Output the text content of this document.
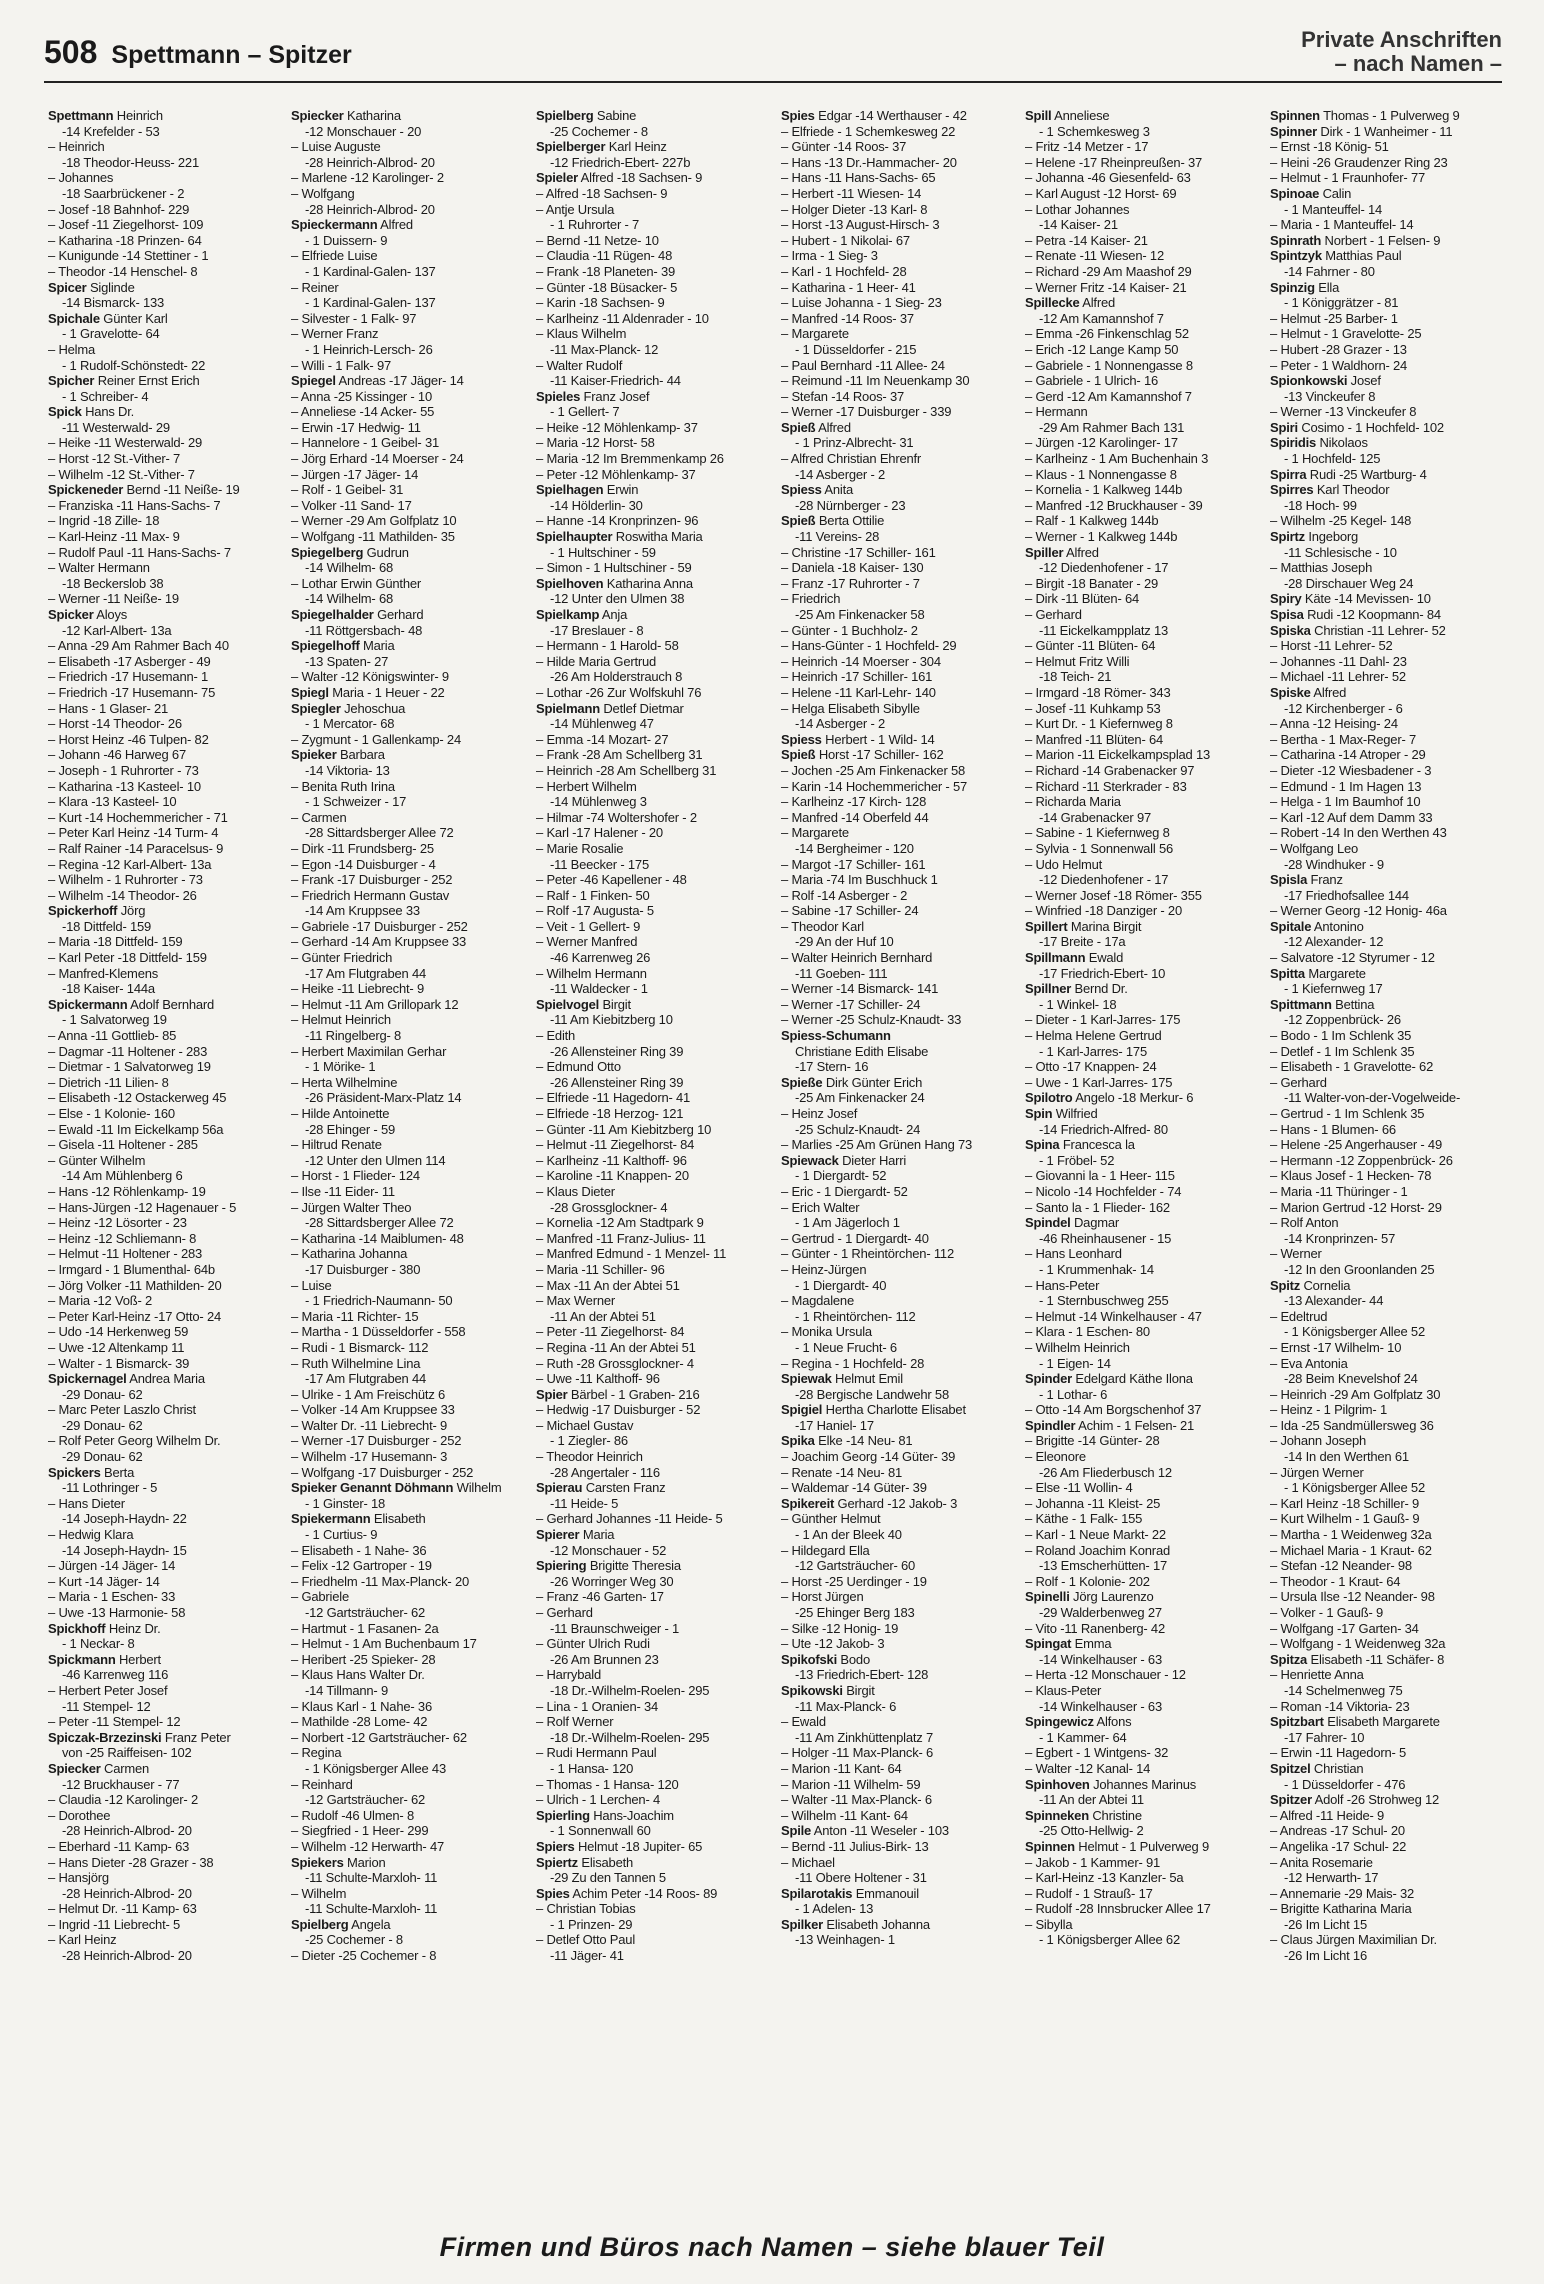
508 Spettmann – Spitzer
Private Anschriften
– nach Namen –
Spettmann Heinrich
-14 Krefelder - 53
– Heinrich
-18 Theodor-Heuss- 221
– Johannes
-18 Saarbrückener - 2
– Josef -18 Bahnhof- 229
– Josef -11 Ziegelhorst- 109
– Katharina -18 Prinzen- 64
– Kunigunde -14 Stettiner - 1
– Theodor -14 Henschel- 8
Spicer Siglinde
-14 Bismarck- 133
Spichale Günter Karl
- 1 Gravelotte- 64
– Helma
- 1 Rudolf-Schönstedt- 22
Spicher Reiner Ernst Erich
- 1 Schreiber- 4
Spick Hans Dr.
-11 Westerwald- 29
– Heike -11 Westerwald- 29
– Horst -12 St.-Vither- 7
– Wilhelm -12 St.-Vither- 7
Spickeneder Bernd -11 Neiße- 19
– Franziska -11 Hans-Sachs- 7
– Ingrid -18 Zille- 18
– Karl-Heinz -11 Max- 9
– Rudolf Paul -11 Hans-Sachs- 7
– Walter Hermann
-18 Beckerslob 38
– Werner -11 Neiße- 19
Spicker Aloys
-12 Karl-Albert- 13a
– Anna -29 Am Rahmer Bach 40
– Elisabeth -17 Asberger - 49
– Friedrich -17 Husemann- 1
– Friedrich -17 Husemann- 75
– Hans - 1 Glaser- 21
– Horst -14 Theodor- 26
– Horst Heinz -46 Tulpen- 82
– Johann -46 Harweg 67
– Joseph - 1 Ruhrorter - 73
– Katharina -13 Kasteel- 10
– Klara -13 Kasteel- 10
– Kurt -14 Hochemmericher - 71
– Peter Karl Heinz -14 Turm- 4
– Ralf Rainer -14 Paracelsus- 9
– Regina -12 Karl-Albert- 13a
– Wilhelm - 1 Ruhrorter - 73
– Wilhelm -14 Theodor- 26
Spickerhoff Jörg
-18 Dittfeld- 159
– Maria -18 Dittfeld- 159
– Karl Peter -18 Dittfeld- 159
– Manfred-Klemens
-18 Kaiser- 144a
Spickermann Adolf Bernhard
- 1 Salvatorweg 19
– Anna -11 Gottlieb- 85
– Dagmar -11 Holtener - 283
– Dietmar - 1 Salvatorweg 19
– Dietrich -11 Lilien- 8
– Elisabeth -12 Ostackerweg 45
– Else - 1 Kolonie- 160
– Ewald -11 Im Eickelkamp 56a
– Gisela -11 Holtener - 285
– Günter Wilhelm
-14 Am Mühlenberg 6
– Hans -12 Röhlenkamp- 19
– Hans-Jürgen -12 Hagenauer - 5
– Heinz -12 Lösorter - 23
– Heinz -12 Schliemann- 8
– Helmut -11 Holtener - 283
– Irmgard - 1 Blumenthal- 64b
– Jörg Volker -11 Mathilden- 20
– Maria -12 Voß- 2
– Peter Karl-Heinz -17 Otto- 24
– Udo -14 Herkenweg 59
– Uwe -12 Altenkamp 11
– Walter - 1 Bismarck- 39
Spickernagel Andrea Maria
-29 Donau- 62
– Marc Peter Laszlo Christ
-29 Donau- 62
– Rolf Peter Georg Wilhelm Dr.
-29 Donau- 62
Spickers Berta
-11 Lothringer - 5
– Hans Dieter
-14 Joseph-Haydn- 22
– Hedwig Klara
-14 Joseph-Haydn- 15
– Jürgen -14 Jäger- 14
– Kurt -14 Jäger- 14
– Maria - 1 Eschen- 33
– Uwe -13 Harmonie- 58
Spickhoff Heinz Dr.
- 1 Neckar- 8
Spickmann Herbert
-46 Karrenweg 116
– Herbert Peter Josef
-11 Stempel- 12
– Peter -11 Stempel- 12
Spiczak-Brzezinski Franz Peter
von -25 Raiffeisen- 102
Spiecker Carmen
-12 Bruckhauser - 77
– Claudia -12 Karolinger- 2
– Dorothee
-28 Heinrich-Albrod- 20
– Eberhard -11 Kamp- 63
– Hans Dieter -28 Grazer - 38
– Hansjörg
-28 Heinrich-Albrod- 20
– Helmut Dr. -11 Kamp- 63
– Ingrid -11 Liebrecht- 5
– Karl Heinz
-28 Heinrich-Albrod- 20
Spiecker Katharina
-12 Monschauer - 20
– Luise Auguste
-28 Heinrich-Albrod- 20
– Marlene -12 Karolinger- 2
– Wolfgang
-28 Heinrich-Albrod- 20
Spieckermann Alfred
- 1 Duissern- 9
– Elfriede Luise
- 1 Kardinal-Galen- 137
– Reiner
- 1 Kardinal-Galen- 137
– Silvester - 1 Falk- 97
– Werner Franz
- 1 Heinrich-Lersch- 26
– Willi - 1 Falk- 97
Spiegel Andreas -17 Jäger- 14
– Anna -25 Kissinger - 10
– Anneliese -14 Acker- 55
– Erwin -17 Hedwig- 11
– Hannelore - 1 Geibel- 31
– Jörg Erhard -14 Moerser - 24
– Jürgen -17 Jäger- 14
– Rolf - 1 Geibel- 31
– Volker -11 Sand- 17
– Werner -29 Am Golfplatz 10
– Wolfgang -11 Mathilden- 35
Spiegelberg Gudrun
-14 Wilhelm- 68
– Lothar Erwin Günther
-14 Wilhelm- 68
Spiegelhalder Gerhard
-11 Röttgersbach- 48
Spiegelhoff Maria
-13 Spaten- 27
– Walter -12 Königswinter- 9
Spiegl Maria - 1 Heuer - 22
Spiegler Jehoschua
- 1 Mercator- 68
– Zygmunt - 1 Gallenkamp- 24
Spieker Barbara
-14 Viktoria- 13
– Benita Ruth Irina
- 1 Schweizer - 17
– Carmen
-28 Sittardsberger Allee 72
– Dirk -11 Frundsberg- 25
– Egon -14 Duisburger - 4
– Frank -17 Duisburger - 252
– Friedrich Hermann Gustav
-14 Am Kruppsee 33
– Gabriele -17 Duisburger - 252
– Gerhard -14 Am Kruppsee 33
– Günter Friedrich
-17 Am Flutgraben 44
– Heike -11 Liebrecht- 9
– Helmut -11 Am Grillopark 12
– Helmut Heinrich
-11 Ringelberg- 8
– Herbert Maximilan Gerhar
- 1 Mörike- 1
– Herta Wilhelmine
-26 Präsident-Marx-Platz 14
– Hilde Antoinette
-28 Ehinger - 59
– Hiltrud Renate
-12 Unter den Ulmen 114
– Horst - 1 Flieder- 124
– Ilse -11 Eider- 11
– Jürgen Walter Theo
-28 Sittardsberger Allee 72
– Katharina -14 Maiblumen- 48
– Katharina Johanna
-17 Duisburger - 380
– Luise
- 1 Friedrich-Naumann- 50
– Maria -11 Richter- 15
– Martha - 1 Düsseldorfer - 558
– Rudi - 1 Bismarck- 112
– Ruth Wilhelmine Lina
-17 Am Flutgraben 44
– Ulrike - 1 Am Freischütz 6
– Volker -14 Am Kruppsee 33
– Walter Dr. -11 Liebrecht- 9
– Werner -17 Duisburger - 252
– Wilhelm -17 Husemann- 3
– Wolfgang -17 Duisburger - 252
Spieker Genannt Döhmann Wilhelm
- 1 Ginster- 18
Spiekermann Elisabeth
- 1 Curtius- 9
– Elisabeth - 1 Nahe- 36
– Felix -12 Gartroper - 19
– Friedhelm -11 Max-Planck- 20
– Gabriele
-12 Gartsträucher- 62
– Hartmut - 1 Fasanen- 2a
– Helmut - 1 Am Buchenbaum 17
– Heribert -25 Spieker- 28
– Klaus Hans Walter Dr.
-14 Tillmann- 9
– Klaus Karl - 1 Nahe- 36
– Mathilde -28 Lome- 42
– Norbert -12 Gartsträucher- 62
– Regina
- 1 Königsberger Allee 43
– Reinhard
-12 Gartsträucher- 62
– Rudolf -46 Ulmen- 8
– Siegfried - 1 Heer- 299
– Wilhelm -12 Herwarth- 47
Spiekers Marion
-11 Schulte-Marxloh- 11
– Wilhelm
-11 Schulte-Marxloh- 11
Spielberg Angela
-25 Cochemer - 8
– Dieter -25 Cochemer - 8
Spielberg Sabine
-25 Cochemer - 8
Spielberger Karl Heinz
-12 Friedrich-Ebert- 227b
Spieler Alfred -18 Sachsen- 9
– Alfred -18 Sachsen- 9
– Antje Ursula
- 1 Ruhrorter - 7
– Bernd -11 Netze- 10
– Claudia -11 Rügen- 48
– Frank -18 Planeten- 39
– Günter -18 Büsacker- 5
– Karin -18 Sachsen- 9
– Karlheinz -11 Aldenrader - 10
– Klaus Wilhelm
-11 Max-Planck- 12
– Walter Rudolf
-11 Kaiser-Friedrich- 44
Spieles Franz Josef
- 1 Gellert- 7
– Heike -12 Möhlenkamp- 37
– Maria -12 Horst- 58
– Maria -12 Im Bremmenkamp 26
– Peter -12 Möhlenkamp- 37
Spielhagen Erwin
-14 Hölderlin- 30
– Hanne -14 Kronprinzen- 96
Spielhaupter Roswitha Maria
- 1 Hultschiner - 59
– Simon - 1 Hultschiner - 59
Spielhoven Katharina Anna
-12 Unter den Ulmen 38
Spielkamp Anja
-17 Breslauer - 8
– Hermann - 1 Harold- 58
– Hilde Maria Gertrud
-26 Am Holderstrauch 8
– Lothar -26 Zur Wolfskuhl 76
Spielmann Detlef Dietmar
-14 Mühlenweg 47
– Emma -14 Mozart- 27
– Frank -28 Am Schellberg 31
– Heinrich -28 Am Schellberg 31
– Herbert Wilhelm
-14 Mühlenweg 3
– Hilmar -74 Woltershofer - 2
– Karl -17 Halener - 20
– Marie Rosalie
-11 Beecker - 175
– Peter -46 Kapellener - 48
– Ralf - 1 Finken- 50
– Rolf -17 Augusta- 5
– Veit - 1 Gellert- 9
– Werner Manfred
-46 Karrenweg 26
– Wilhelm Hermann
-11 Waldecker - 1
Spielvogel Birgit
-11 Am Kiebitzberg 10
– Edith
-26 Allensteiner Ring 39
– Edmund Otto
-26 Allensteiner Ring 39
– Elfriede -11 Hagedorn- 41
– Elfriede -18 Herzog- 121
– Günter -11 Am Kiebitzberg 10
– Helmut -11 Ziegelhorst- 84
– Karlheinz -11 Kalthoff- 96
– Karoline -11 Knappen- 20
– Klaus Dieter
-28 Grossglockner- 4
– Kornelia -12 Am Stadtpark 9
– Manfred -11 Franz-Julius- 11
– Manfred Edmund - 1 Menzel- 11
– Maria -11 Schiller- 96
– Max -11 An der Abtei 51
– Max Werner
-11 An der Abtei 51
– Peter -11 Ziegelhorst- 84
– Regina -11 An der Abtei 51
– Ruth -28 Grossglockner- 4
– Uwe -11 Kalthoff- 96
Spier Bärbel - 1 Graben- 216
– Hedwig -17 Duisburger - 52
– Michael Gustav
- 1 Ziegler- 86
– Theodor Heinrich
-28 Angertaler - 116
Spierau Carsten Franz
-11 Heide- 5
– Gerhard Johannes -11 Heide- 5
Spierer Maria
-12 Monschauer - 52
Spiering Brigitte Theresia
-26 Worringer Weg 30
– Franz -46 Garten- 17
– Gerhard
-11 Braunschweiger - 1
– Günter Ulrich Rudi
-26 Am Brunnen 23
– Harrybald
-18 Dr.-Wilhelm-Roelen- 295
– Lina - 1 Oranien- 34
– Rolf Werner
-18 Dr.-Wilhelm-Roelen- 295
– Rudi Hermann Paul
- 1 Hansa- 120
– Thomas - 1 Hansa- 120
– Ulrich - 1 Lerchen- 4
Spierling Hans-Joachim
- 1 Sonnenwall 60
Spiers Helmut -18 Jupiter- 65
Spiertz Elisabeth
-29 Zu den Tannen 5
Spies Achim Peter -14 Roos- 89
– Christian Tobias
- 1 Prinzen- 29
– Detlef Otto Paul
-11 Jäger- 41
Spies Edgar -14 Werthauser - 42
– Elfriede - 1 Schemkesweg 22
– Günter -14 Roos- 37
– Hans -13 Dr.-Hammacher- 20
– Hans -11 Hans-Sachs- 65
– Herbert -11 Wiesen- 14
– Holger Dieter -13 Karl- 8
– Horst -13 August-Hirsch- 3
– Hubert - 1 Nikolai- 67
– Irma - 1 Sieg- 3
– Karl - 1 Hochfeld- 28
– Katharina - 1 Heer- 41
– Luise Johanna - 1 Sieg- 23
– Manfred -14 Roos- 37
– Margarete
- 1 Düsseldorfer - 215
– Paul Bernhard -11 Allee- 24
– Reimund -11 Im Neuenkamp 30
– Stefan -14 Roos- 37
– Werner -17 Duisburger - 339
Spieß Alfred
- 1 Prinz-Albrecht- 31
– Alfred Christian Ehrenfr
-14 Asberger - 2
Spiess Anita
-28 Nürnberger - 23
Spieß Berta Ottilie
-11 Vereins- 28
– Christine -17 Schiller- 161
– Daniela -18 Kaiser- 130
– Franz -17 Ruhrorter - 7
– Friedrich
-25 Am Finkenacker 58
– Günter - 1 Buchholz- 2
– Hans-Günter - 1 Hochfeld- 29
– Heinrich -14 Moerser - 304
– Heinrich -17 Schiller- 161
– Helene -11 Karl-Lehr- 140
– Helga Elisabeth Sibylle
-14 Asberger - 2
Spiess Herbert - 1 Wild- 14
Spieß Horst -17 Schiller- 162
– Jochen -25 Am Finkenacker 58
– Karin -14 Hochemmericher - 57
– Karlheinz -17 Kirch- 128
– Manfred -14 Oberfeld 44
– Margarete
-14 Bergheimer - 120
– Margot -17 Schiller- 161
– Maria -74 Im Buschhuck 1
– Rolf -14 Asberger - 2
– Sabine -17 Schiller- 24
– Theodor Karl
-29 An der Huf 10
– Walter Heinrich Bernhard
-11 Goeben- 111
– Werner -14 Bismarck- 141
– Werner -17 Schiller- 24
– Werner -25 Schulz-Knaudt- 33
Spiess-Schumann
Christiane Edith Elisabe
-17 Stern- 16
Spieße Dirk Günter Erich
-25 Am Finkenacker 24
– Heinz Josef
-25 Schulz-Knaudt- 24
– Marlies -25 Am Grünen Hang 73
Spiewack Dieter Harri
- 1 Diergardt- 52
– Eric - 1 Diergardt- 52
– Erich Walter
- 1 Am Jägerloch 1
– Gertrud - 1 Diergardt- 40
– Günter - 1 Rheintörchen- 112
– Heinz-Jürgen
- 1 Diergardt- 40
– Magdalene
- 1 Rheintörchen- 112
– Monika Ursula
- 1 Neue Frucht- 6
– Regina - 1 Hochfeld- 28
Spiewak Helmut Emil
-28 Bergische Landwehr 58
Spigiel Hertha Charlotte Elisabet
-17 Haniel- 17
Spika Elke -14 Neu- 81
– Joachim Georg -14 Güter- 39
– Renate -14 Neu- 81
– Waldemar -14 Güter- 39
Spikereit Gerhard -12 Jakob- 3
– Günther Helmut
- 1 An der Bleek 40
– Hildegard Ella
-12 Gartsträucher- 60
– Horst -25 Uerdinger - 19
– Horst Jürgen
-25 Ehinger Berg 183
– Silke -12 Honig- 19
– Ute -12 Jakob- 3
Spikofski Bodo
-13 Friedrich-Ebert- 128
Spikowski Birgit
-11 Max-Planck- 6
– Ewald
-11 Am Zinkhüttenplatz 7
– Holger -11 Max-Planck- 6
– Marion -11 Kant- 64
– Marion -11 Wilhelm- 59
– Walter -11 Max-Planck- 6
– Wilhelm -11 Kant- 64
Spile Anton -11 Weseler - 103
– Bernd -11 Julius-Birk- 13
– Michael
-11 Obere Holtener - 31
Spilarotakis Emmanouil
- 1 Adelen- 13
Spilker Elisabeth Johanna
-13 Weinhagen- 1
Spill Anneliese
- 1 Schemkesweg 3
– Fritz -14 Metzer - 17
– Helene -17 Rheinpreußen- 37
– Johanna -46 Giesenfeld- 63
– Karl August -12 Horst- 69
– Lothar Johannes
-14 Kaiser- 21
– Petra -14 Kaiser- 21
– Renate -11 Wiesen- 12
– Richard -29 Am Maashof 29
– Werner Fritz -14 Kaiser- 21
Spillecke Alfred
-12 Am Kamannshof 7
– Emma -26 Finkenschlag 52
– Erich -12 Lange Kamp 50
– Gabriele - 1 Nonnengasse 8
– Gabriele - 1 Ulrich- 16
– Gerd -12 Am Kamannshof 7
– Hermann
-29 Am Rahmer Bach 131
– Jürgen -12 Karolinger- 17
– Karlheinz - 1 Am Buchenhain 3
– Klaus - 1 Nonnengasse 8
– Kornelia - 1 Kalkweg 144b
– Manfred -12 Bruckhauser - 39
– Ralf - 1 Kalkweg 144b
– Werner - 1 Kalkweg 144b
Spiller Alfred
-12 Diedenhofener - 17
– Birgit -18 Banater - 29
– Dirk -11 Blüten- 64
– Gerhard
-11 Eickelkampplatz 13
– Günter -11 Blüten- 64
– Helmut Fritz Willi
-18 Teich- 21
– Irmgard -18 Römer- 343
– Josef -11 Kuhkamp 53
– Kurt Dr. - 1 Kiefernweg 8
– Manfred -11 Blüten- 64
– Marion -11 Eickelkampsplad 13
– Richard -14 Grabenacker 97
– Richard -11 Sterkrader - 83
– Richarda Maria
-14 Grabenacker 97
– Sabine - 1 Kiefernweg 8
– Sylvia - 1 Sonnenwall 56
– Udo Helmut
-12 Diedenhofener - 17
– Werner Josef -18 Römer- 355
– Winfried -18 Danziger - 20
Spillert Marina Birgit
-17 Breite - 17a
Spillmann Ewald
-17 Friedrich-Ebert- 10
Spillner Bernd Dr.
- 1 Winkel- 18
– Dieter - 1 Karl-Jarres- 175
– Helma Helene Gertrud
- 1 Karl-Jarres- 175
– Otto -17 Knappen- 24
– Uwe - 1 Karl-Jarres- 175
Spilotro Angelo -18 Merkur- 6
Spin Wilfried
-14 Friedrich-Alfred- 80
Spina Francesca la
- 1 Fröbel- 52
– Giovanni la - 1 Heer- 115
– Nicolo -14 Hochfelder - 74
– Santo la - 1 Flieder- 162
Spindel Dagmar
-46 Rheinhausener - 15
– Hans Leonhard
- 1 Krummenhak- 14
– Hans-Peter
- 1 Sternbuschweg 255
– Helmut -14 Winkelhauser - 47
– Klara - 1 Eschen- 80
– Wilhelm Heinrich
- 1 Eigen- 14
Spinder Edelgard Käthe Ilona
- 1 Lothar- 6
– Otto -14 Am Borgschenhof 37
Spindler Achim - 1 Felsen- 21
– Brigitte -14 Günter- 28
– Eleonore
-26 Am Fliederbusch 12
– Else -11 Wollin- 4
– Johanna -11 Kleist- 25
– Käthe - 1 Falk- 155
– Karl - 1 Neue Markt- 22
– Roland Joachim Konrad
-13 Emscherhütten- 17
– Rolf - 1 Kolonie- 202
Spinelli Jörg Laurenzo
-29 Walderbenweg 27
– Vito -11 Ranenberg- 42
Spingat Emma
-14 Winkelhauser - 63
– Herta -12 Monschauer - 12
– Klaus-Peter
-14 Winkelhauser - 63
Spingewicz Alfons
- 1 Kammer- 64
– Egbert - 1 Wintgens- 32
– Walter -12 Kanal- 14
Spinhoven Johannes Marinus
-11 An der Abtei 11
Spinneken Christine
-25 Otto-Hellwig- 2
Spinnen Helmut - 1 Pulverweg 9
– Jakob - 1 Kammer- 91
– Karl-Heinz -13 Kanzler- 5a
– Rudolf - 1 Strauß- 17
– Rudolf -28 Innsbrucker Allee 17
– Sibylla
- 1 Königsberger Allee 62
Spinnen Thomas - 1 Pulverweg 9
Spinner Dirk - 1 Wanheimer - 11
– Ernst -18 König- 51
– Heini -26 Graudenzer Ring 23
– Helmut - 1 Fraunhofer- 77
Spinoae Calin
- 1 Manteuffel- 14
– Maria - 1 Manteuffel- 14
Spinrath Norbert - 1 Felsen- 9
Spintzyk Matthias Paul
-14 Fahrner - 80
Spinzig Ella
- 1 Königgrätzer - 81
– Helmut -25 Barber- 1
– Helmut - 1 Gravelotte- 25
– Hubert -28 Grazer - 13
– Peter - 1 Waldhorn- 24
Spionkowski Josef
-13 Vinckeufer 8
– Werner -13 Vinckeufer 8
Spiri Cosimo - 1 Hochfeld- 102
Spiridis Nikolaos
- 1 Hochfeld- 125
Spirra Rudi -25 Wartburg- 4
Spirres Karl Theodor
-18 Hoch- 99
– Wilhelm -25 Kegel- 148
Spirtz Ingeborg
-11 Schlesische - 10
– Matthias Joseph
-28 Dirschauer Weg 24
Spiry Käte -14 Mevissen- 10
Spisa Rudi -12 Koopmann- 84
Spiska Christian -11 Lehrer- 52
– Horst -11 Lehrer- 52
– Johannes -11 Dahl- 23
– Michael -11 Lehrer- 52
Spiske Alfred
-12 Kirchenberger - 6
– Anna -12 Heising- 24
– Bertha - 1 Max-Reger- 7
– Catharina -14 Atroper - 29
– Dieter -12 Wiesbadener - 3
– Edmund - 1 Im Hagen 13
– Helga - 1 Im Baumhof 10
– Karl -12 Auf dem Damm 33
– Robert -14 In den Werthen 43
– Wolfgang Leo
-28 Windhuker - 9
Spisla Franz
-17 Friedhofsallee 144
– Werner Georg -12 Honig- 46a
Spitale Antonino
-12 Alexander- 12
– Salvatore -12 Styrumer - 12
Spitta Margarete
- 1 Kiefernweg 17
Spittmann Bettina
-12 Zoppenbrück- 26
– Bodo - 1 Im Schlenk 35
– Detlef - 1 Im Schlenk 35
– Elisabeth - 1 Gravelotte- 62
– Gerhard
-11 Walter-von-der-Vogelweide-
– Gertrud - 1 Im Schlenk 35
– Hans - 1 Blumen- 66
– Helene -25 Angerhauser - 49
– Hermann -12 Zoppenbrück- 26
– Klaus Josef - 1 Hecken- 78
– Maria -11 Thüringer - 1
– Marion Gertrud -12 Horst- 29
– Rolf Anton
-14 Kronprinzen- 57
– Werner
-12 In den Groonlanden 25
Spitz Cornelia
-13 Alexander- 44
– Edeltrud
- 1 Königsberger Allee 52
– Ernst -17 Wilhelm- 10
– Eva Antonia
-28 Beim Knevelshof 24
– Heinrich -29 Am Golfplatz 30
– Heinz - 1 Pilgrim- 1
– Ida -25 Sandmüllersweg 36
– Johann Joseph
-14 In den Werthen 61
– Jürgen Werner
- 1 Königsberger Allee 52
– Karl Heinz -18 Schiller- 9
– Kurt Wilhelm - 1 Gauß- 9
– Martha - 1 Weidenweg 32a
– Michael Maria - 1 Kraut- 62
– Stefan -12 Neander- 98
– Theodor - 1 Kraut- 64
– Ursula Ilse -12 Neander- 98
– Volker - 1 Gauß- 9
– Wolfgang -17 Garten- 34
– Wolfgang - 1 Weidenweg 32a
Spitza Elisabeth -11 Schäfer- 8
– Henriette Anna
-14 Schelmenweg 75
– Roman -14 Viktoria- 23
Spitzbart Elisabeth Margarete
-17 Fahrer- 10
– Erwin -11 Hagedorn- 5
Spitzel Christian
- 1 Düsseldorfer - 476
Spitzer Adolf -26 Strohweg 12
– Alfred -11 Heide- 9
– Andreas -17 Schul- 20
– Angelika -17 Schul- 22
– Anita Rosemarie
-12 Herwarth- 17
– Annemarie -29 Mais- 32
– Brigitte Katharina Maria
-26 Im Licht 15
– Claus Jürgen Maximilian Dr.
-26 Im Licht 16
Firmen und Büros nach Namen – siehe blauer Teil
